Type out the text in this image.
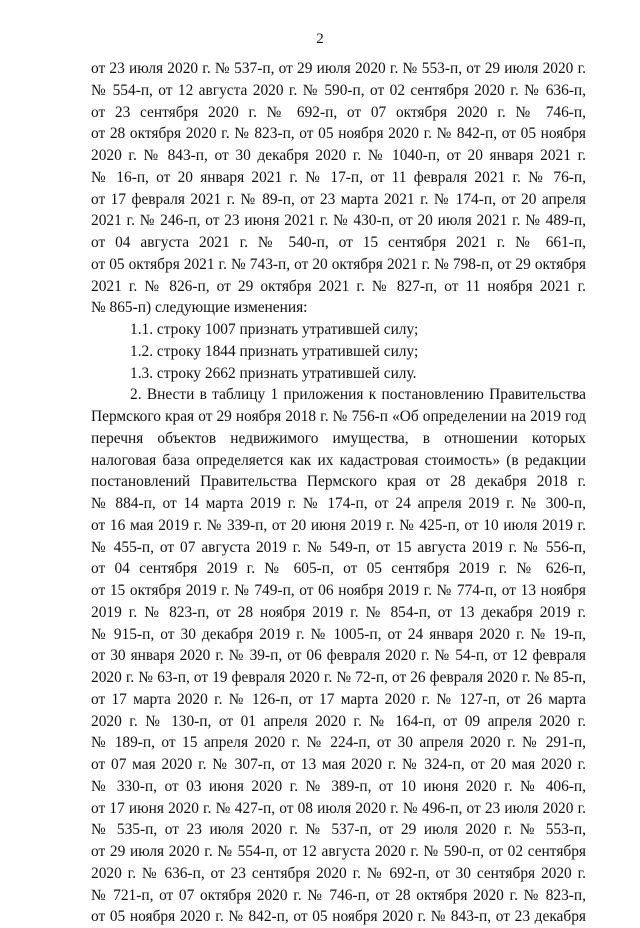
2
от 23 июля 2020 г. № 537-п, от 29 июля 2020 г. № 553-п, от 29 июля 2020 г.
№ 554-п, от 12 августа 2020 г. № 590-п, от 02 сентября 2020 г. № 636-п,
от 23 сентября 2020 г. № 692-п, от 07 октября 2020 г. № 746-п,
от 28 октября 2020 г. № 823-п, от 05 ноября 2020 г. № 842-п, от 05 ноября
2020 г. № 843-п, от 30 декабря 2020 г. № 1040-п, от 20 января 2021 г.
№ 16-п, от 20 января 2021 г. № 17-п, от 11 февраля 2021 г. № 76-п,
от 17 февраля 2021 г. № 89-п, от 23 марта 2021 г. № 174-п, от 20 апреля
2021 г. № 246-п, от 23 июня 2021 г. № 430-п, от 20 июля 2021 г. № 489-п,
от 04 августа 2021 г. № 540-п, от 15 сентября 2021 г. № 661-п,
от 05 октября 2021 г. № 743-п, от 20 октября 2021 г. № 798-п, от 29 октября
2021 г. № 826-п, от 29 октября 2021 г. № 827-п, от 11 ноября 2021 г.
№ 865-п) следующие изменения:
1.1. строку 1007 признать утратившей силу;
1.2. строку 1844 признать утратившей силу;
1.3. строку 2662 признать утратившей силу.
2. Внести в таблицу 1 приложения к постановлению Правительства
Пермского края от 29 ноября 2018 г. № 756-п «Об определении на 2019 год
перечня объектов недвижимого имущества, в отношении которых
налоговая база определяется как их кадастровая стоимость» (в редакции
постановлений Правительства Пермского края от 28 декабря 2018 г.
№ 884-п, от 14 марта 2019 г. № 174-п, от 24 апреля 2019 г. № 300-п,
от 16 мая 2019 г. № 339-п, от 20 июня 2019 г. № 425-п, от 10 июля 2019 г.
№ 455-п, от 07 августа 2019 г. № 549-п, от 15 августа 2019 г. № 556-п,
от 04 сентября 2019 г. № 605-п, от 05 сентября 2019 г. № 626-п,
от 15 октября 2019 г. № 749-п, от 06 ноября 2019 г. № 774-п, от 13 ноября
2019 г. № 823-п, от 28 ноября 2019 г. № 854-п, от 13 декабря 2019 г.
№ 915-п, от 30 декабря 2019 г. № 1005-п, от 24 января 2020 г. № 19-п,
от 30 января 2020 г. № 39-п, от 06 февраля 2020 г. № 54-п, от 12 февраля
2020 г. № 63-п, от 19 февраля 2020 г. № 72-п, от 26 февраля 2020 г. № 85-п,
от 17 марта 2020 г. № 126-п, от 17 марта 2020 г. № 127-п, от 26 марта
2020 г. № 130-п, от 01 апреля 2020 г. № 164-п, от 09 апреля 2020 г.
№ 189-п, от 15 апреля 2020 г. № 224-п, от 30 апреля 2020 г. № 291-п,
от 07 мая 2020 г. № 307-п, от 13 мая 2020 г. № 324-п, от 20 мая 2020 г.
№ 330-п, от 03 июня 2020 г. № 389-п, от 10 июня 2020 г. № 406-п,
от 17 июня 2020 г. № 427-п, от 08 июля 2020 г. № 496-п, от 23 июля 2020 г.
№ 535-п, от 23 июля 2020 г. № 537-п, от 29 июля 2020 г. № 553-п,
от 29 июля 2020 г. № 554-п, от 12 августа 2020 г. № 590-п, от 02 сентября
2020 г. № 636-п, от 23 сентября 2020 г. № 692-п, от 30 сентября 2020 г.
№ 721-п, от 07 октября 2020 г. № 746-п, от 28 октября 2020 г. № 823-п,
от 05 ноября 2020 г. № 842-п, от 05 ноября 2020 г. № 843-п, от 23 декабря
